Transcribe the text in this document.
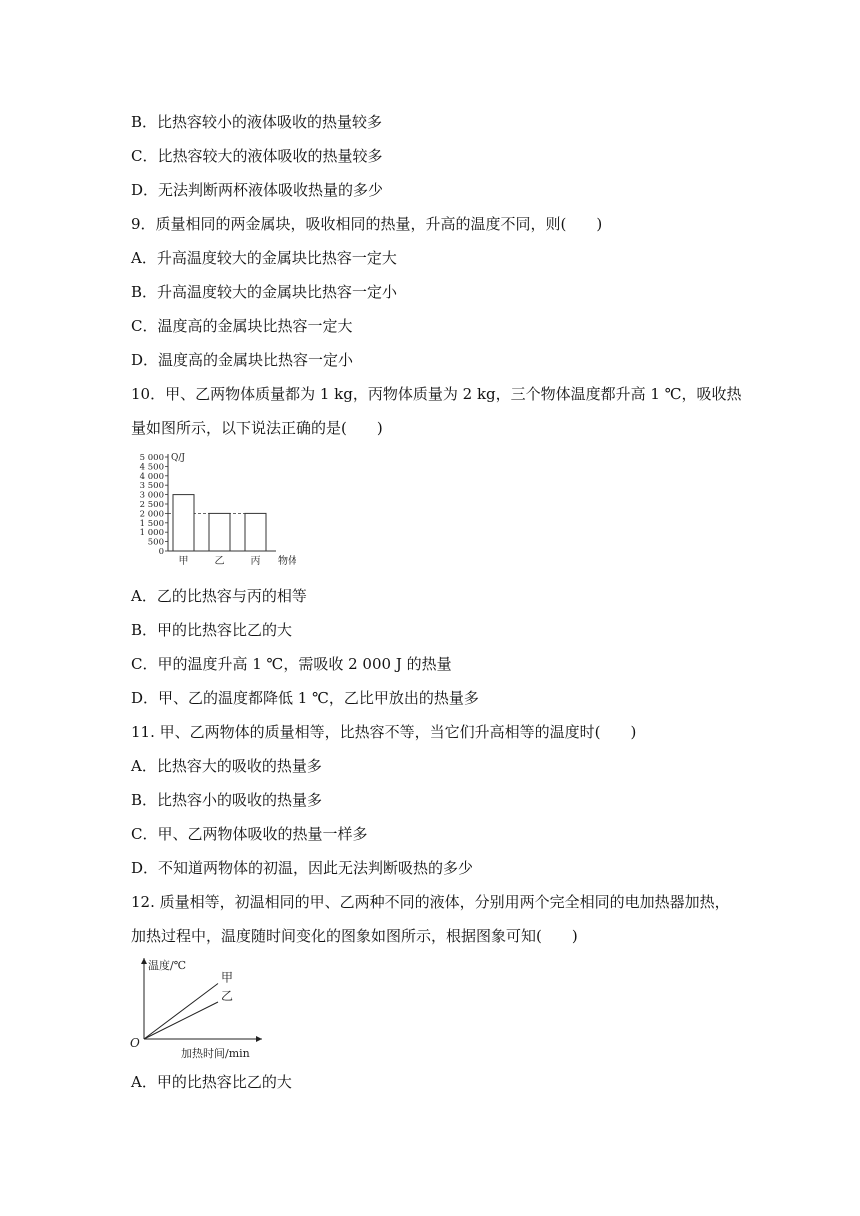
B．比热容较小的液体吸收的热量较多
C．比热容较大的液体吸收的热量较多
D．无法判断两杯液体吸收热量的多少
9．质量相同的两金属块，吸收相同的热量，升高的温度不同，则(　　)
A．升高温度较大的金属块比热容一定大
B．升高温度较大的金属块比热容一定小
C．温度高的金属块比热容一定大
D．温度高的金属块比热容一定小
10．甲、乙两物体质量都为 1 kg，丙物体质量为 2 kg，三个物体温度都升高 1 ℃，吸收热
量如图所示，以下说法正确的是(　　)
0
500
1 000
1 500
2 000
2 500
3 000
3 500
4 000
4 500
5 000 Q/J
甲	乙	丙 物体
A．乙的比热容与丙的相等
B．甲的比热容比乙的大
C．甲的温度升高 1 ℃，需吸收 2 000 J 的热量
D．甲、乙的温度都降低 1 ℃，乙比甲放出的热量多
11. 甲、乙两物体的质量相等，比热容不等，当它们升高相等的温度时(　　)
A．比热容大的吸收的热量多
B．比热容小的吸收的热量多
C．甲、乙两物体吸收的热量一样多
D．不知道两物体的初温，因此无法判断吸热的多少
12. 质量相等，初温相同的甲、乙两种不同的液体，分别用两个完全相同的电加热器加热，
加热过程中，温度随时间变化的图象如图所示，根据图象可知(　　)
温度/℃
O
加热时间/min
甲
乙
A．甲的比热容比乙的大
